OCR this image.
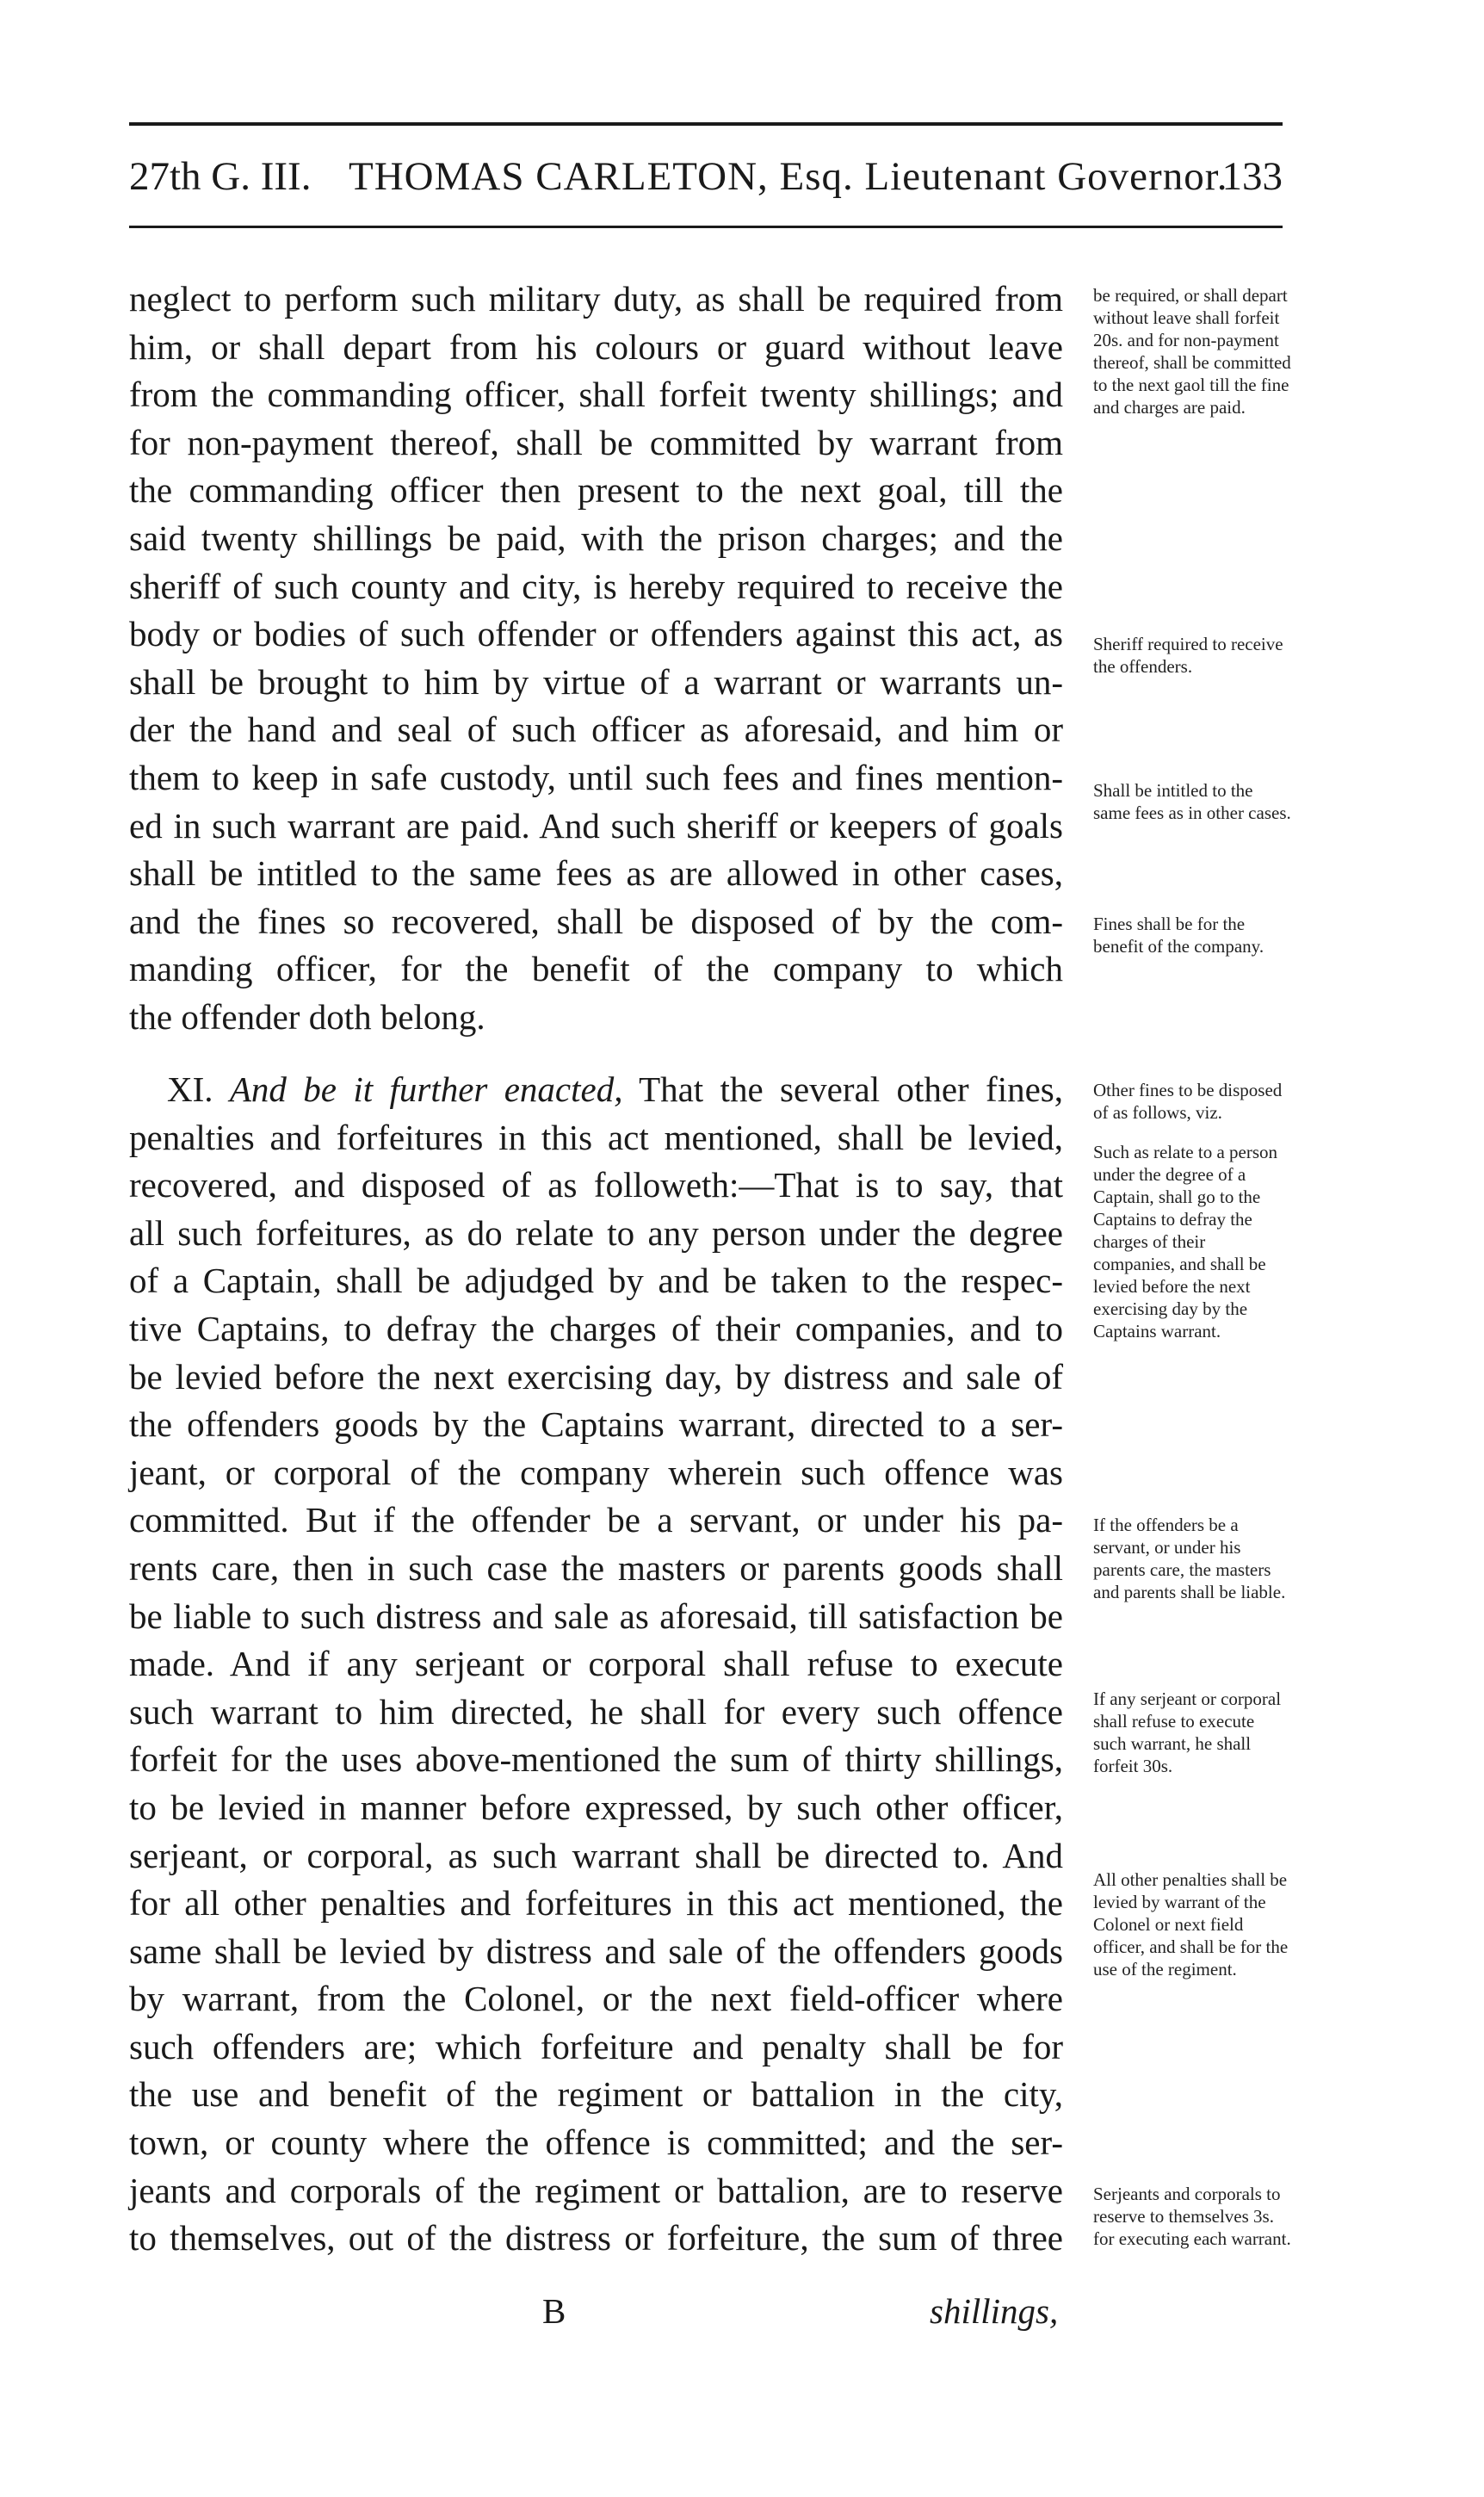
27th G. III. THOMAS CARLETON, Esq. Lieutenant Governor.
133
neglect to perform such military duty, as shall be required from
him, or shall depart from his colours or guard without leave
from the commanding officer, shall forfeit twenty shillings; and
for non-payment thereof, shall be committed by warrant from
the commanding officer then present to the next goal, till the
said twenty shillings be paid, with the prison charges; and the
sheriff of such county and city, is hereby required to receive the
body or bodies of such offender or offenders against this act, as
shall be brought to him by virtue of a warrant or warrants un-
der the hand and seal of such officer as aforesaid, and him or
them to keep in safe custody, until such fees and fines mention-
ed in such warrant are paid. And such sheriff or keepers of goals
shall be intitled to the same fees as are allowed in other cases,
and the fines so recovered, shall be disposed of by the com-
manding officer, for the benefit of the company to which
the offender doth belong.
XI. And be it further enacted, That the several other fines,
penalties and forfeitures in this act mentioned, shall be levied,
recovered, and disposed of as followeth:—That is to say, that
all such forfeitures, as do relate to any person under the degree
of a Captain, shall be adjudged by and be taken to the respec-
tive Captains, to defray the charges of their companies, and to
be levied before the next exercising day, by distress and sale of
the offenders goods by the Captains warrant, directed to a ser-
jeant, or corporal of the company wherein such offence was
committed. But if the offender be a servant, or under his pa-
rents care, then in such case the masters or parents goods shall
be liable to such distress and sale as aforesaid, till satisfaction be
made. And if any serjeant or corporal shall refuse to execute
such warrant to him directed, he shall for every such offence
forfeit for the uses above-mentioned the sum of thirty shillings,
to be levied in manner before expressed, by such other officer,
serjeant, or corporal, as such warrant shall be directed to. And
for all other penalties and forfeitures in this act mentioned, the
same shall be levied by distress and sale of the offenders goods
by warrant, from the Colonel, or the next field-officer where
such offenders are; which forfeiture and penalty shall be for
the use and benefit of the regiment or battalion in the city,
town, or county where the offence is committed; and the ser-
jeants and corporals of the regiment or battalion, are to reserve
to themselves, out of the distress or forfeiture, the sum of three
be required, or shall depart without leave shall forfeit 20s. and for non-payment thereof, shall be committed to the next gaol till the fine and charges are paid.
Sheriff required to receive the offenders.
Shall be intitled to the same fees as in other cases.
Fines shall be for the benefit of the company.
Other fines to be disposed of as follows, viz.
Such as relate to a person under the degree of a Captain, shall go to the Captains to defray the charges of their companies, and shall be levied before the next exercising day by the Captains warrant.
If the offenders be a servant, or under his parents care, the masters and parents shall be liable.
If any serjeant or corporal shall refuse to execute such warrant, he shall forfeit 30s.
All other penalties shall be levied by warrant of the Colonel or next field officer, and shall be for the use of the regiment.
Serjeants and corporals to reserve to themselves 3s. for executing each warrant.
B	shillings,
